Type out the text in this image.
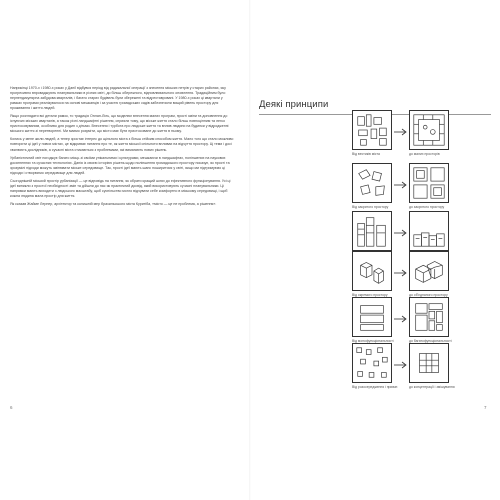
Наприкінці 1970-х і 1980-х роках у Данії відбувся період від радикальної операції з знесення міських нетрів у старих районах, яку прогресивно впроваджують планувальники в різних світі, до більш обережного, відновлювального оновлення. Традиційним було перпендикулярна забудова кварталів, і багато старих будівель були збережені та відреставровані. У 1980-х роках ці квартали у рамках програми реалізувалося на основі мешканців і за участю громадських садів забезпечили вищий рівень простору для проживання і життя людей.

Якщо розглядати всі детали рамок, то традиція Онлан-Ліль, що моделює внесення малих програм, прості зміни та доповнення до існуючих міських кварталів, а також різні ландшафтні рішення, сприяли тому, що міське життя стало більш повноцінним та легко пристосовуваним, особливо для родин з дітьми. Внесення і турбота про людське життя та вплив людини на будинки у відродженні міського життя зі перетворенні. Ми маємо розуміти, що місто має бути пристосоване до життя в ньому.

Колись у мене жили людей, а тепер зростає інтерес до щільного міста з більш стійким способом життя. Мало того що стало можливо повторити ці ідеї у нових містах, це відкриває питання про те, як життя міської спільноти впливає на відчуття простору. Ці теми і досі хвилюють дослідників, а сучасні міста стикаються з проблемами, які вимагають нових рішень.

Урбаністичний світ погоджує багато місць зі своїми унікальними і культурами, мешкаючи в ландшафтах, поліпшених на наукових досягненнях та сучасних технологіях. Данія із своєю історією рішень щодо поліпшення громадського простору показує, як прості та зрозумілі підходи можуть змінювати міське середовище. Так, прості ідеї мають шанс поширитися у світі, якщо ми підтримуємо ці підходи і створюємо середовище для людей.

Сьогоднішній міський простір урбанізації — це відповідь на питання, як обрати кращий шлях до ефективного функціонування. Усі ці ідеї виникли з простої необхідності змін та дійшли до нас як практичний досвід, який використовують сучасні планувальники. Ці напрямки мають виходити з людського масштабу, щоб суспільство могло відчувати себе комфортно в міському середовищі, і щоб кожна людина мала простір для життя.

Як сказав Жайме Лернер, архітектор та колишній мер бразильського міста Куритіба, «місто — це не проблема, а рішення».

6
Деякі принципи
Від вестиків міста	до малих просторів
Від закритого простору	до закритого простору
Від окремого простору	до об'єднаного простору
Від монофункціональності	до багатофункціональності
Від розосередження і приват.	до концентрації і змішування
7
